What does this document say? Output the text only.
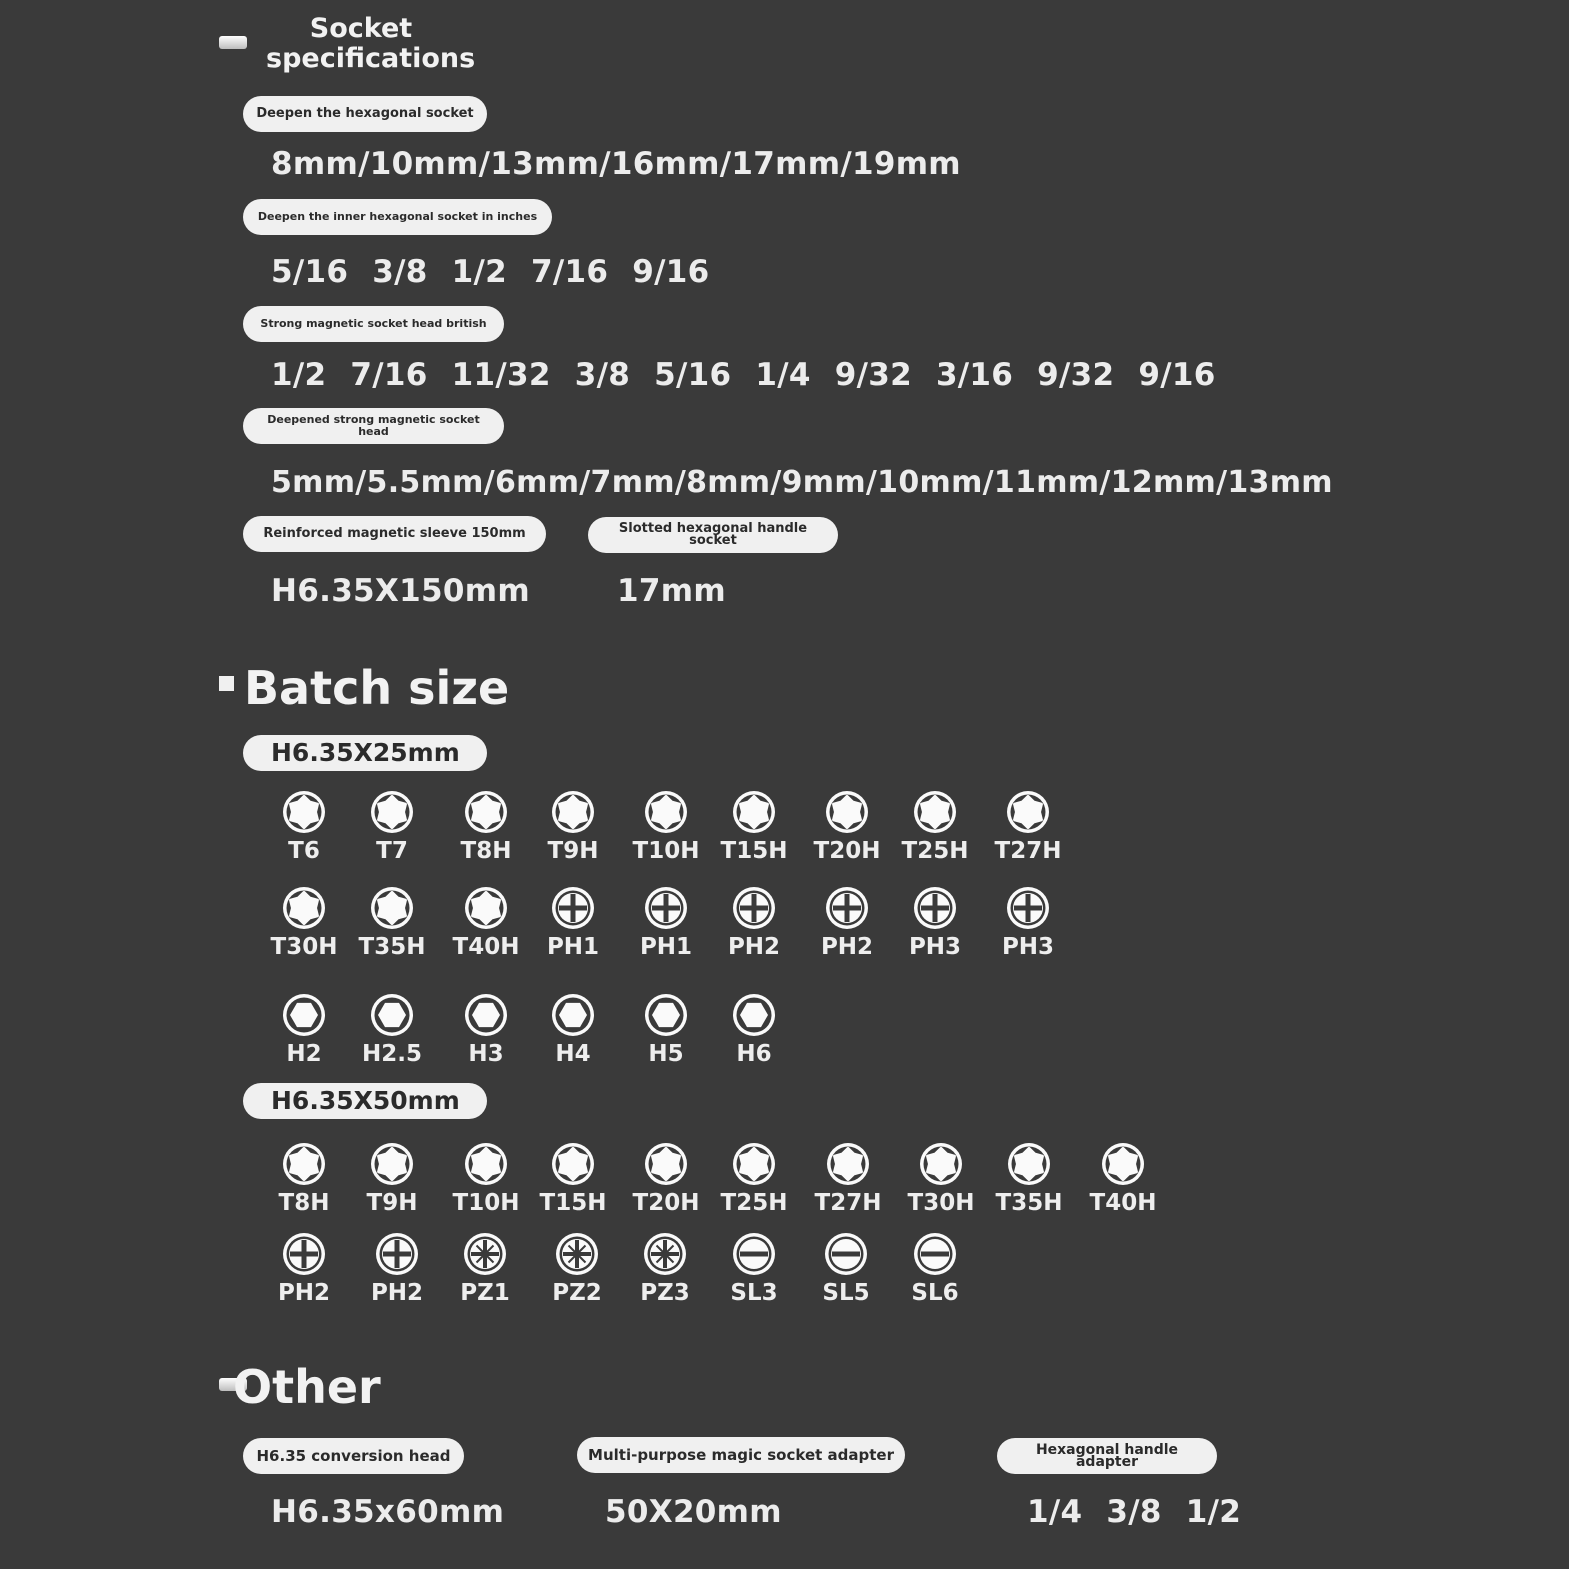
Socket specifications
Deepen the hexagonal socket
8mm/10mm/13mm/16mm/17mm/19mm
Deepen the inner hexagonal socket in inches
5/16 3/8 1/2 7/16 9/16
Strong magnetic socket head british
1/2 7/16 11/32 3/8 5/16 1/4 9/32 3/16 9/32 9/16
Deepened strong magnetic socket head
5mm/5.5mm/6mm/7mm/8mm/9mm/10mm/11mm/12mm/13mm
Reinforced magnetic sleeve 150mm
H6.35X150mm
Slotted hexagonal handle socket
17mm
Batch size
H6.35X25mm
T6	T7	T8H	T9H	T10H T15H T20H T25H T27H
T30H T35H T40H	PH1	PH1	PH2	PH2	PH3	PH3
H2	H2.5	H3	H4	H5	H6
H6.35X50mm
T8H	T9H	T10H T15H T20H T25H T27H T30H T35H T40H
PH2	PH2	PZ1	PZ2	PZ3	SL3	SL5	SL6
Other
H6.35 conversion head
H6.35x60mm
Multi-purpose magic socket adapter
50X20mm
Hexagonal handle adapter
1/4 3/8 1/2
